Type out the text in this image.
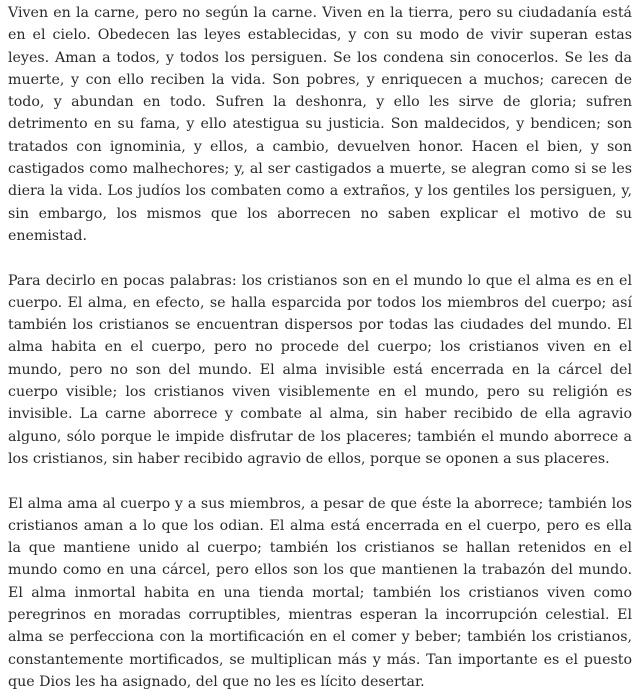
Viven en la carne, pero no según la carne. Viven en la tierra, pero su ciudadanía está en el cielo. Obedecen las leyes establecidas, y con su modo de vivir superan estas leyes. Aman a todos, y todos los persiguen. Se los condena sin conocerlos. Se les da muerte, y con ello reciben la vida. Son pobres, y enriquecen a muchos; carecen de todo, y abundan en todo. Sufren la deshonra, y ello les sirve de gloria; sufren detrimento en su fama, y ello atestigua su justicia. Son maldecidos, y bendicen; son tratados con ignominia, y ellos, a cambio, devuelven honor. Hacen el bien, y son castigados como malhechores; y, al ser castigados a muerte, se alegran como si se les diera la vida. Los judíos los combaten como a extraños, y los gentiles los persiguen, y, sin embargo, los mismos que los aborrecen no saben explicar el motivo de su enemistad.

Para decirlo en pocas palabras: los cristianos son en el mundo lo que el alma es en el cuerpo. El alma, en efecto, se halla esparcida por todos los miembros del cuerpo; así también los cristianos se encuentran dispersos por todas las ciudades del mundo. El alma habita en el cuerpo, pero no procede del cuerpo; los cristianos viven en el mundo, pero no son del mundo. El alma invisible está encerrada en la cárcel del cuerpo visible; los cristianos viven visiblemente en el mundo, pero su religión es invisible. La carne aborrece y combate al alma, sin haber recibido de ella agravio alguno, sólo porque le impide disfrutar de los placeres; también el mundo aborrece a los cristianos, sin haber recibido agravio de ellos, porque se oponen a sus placeres.

El alma ama al cuerpo y a sus miembros, a pesar de que éste la aborrece; también los cristianos aman a lo que los odian. El alma está encerrada en el cuerpo, pero es ella la que mantiene unido al cuerpo; también los cristianos se hallan retenidos en el mundo como en una cárcel, pero ellos son los que mantienen la trabazón del mundo. El alma inmortal habita en una tienda mortal; también los cristianos viven como peregrinos en moradas corruptibles, mientras esperan la incorrupción celestial. El alma se perfecciona con la mortificación en el comer y beber; también los cristianos, constantemente mortificados, se multiplican más y más. Tan importante es el puesto que Dios les ha asignado, del que no les es lícito desertar.
